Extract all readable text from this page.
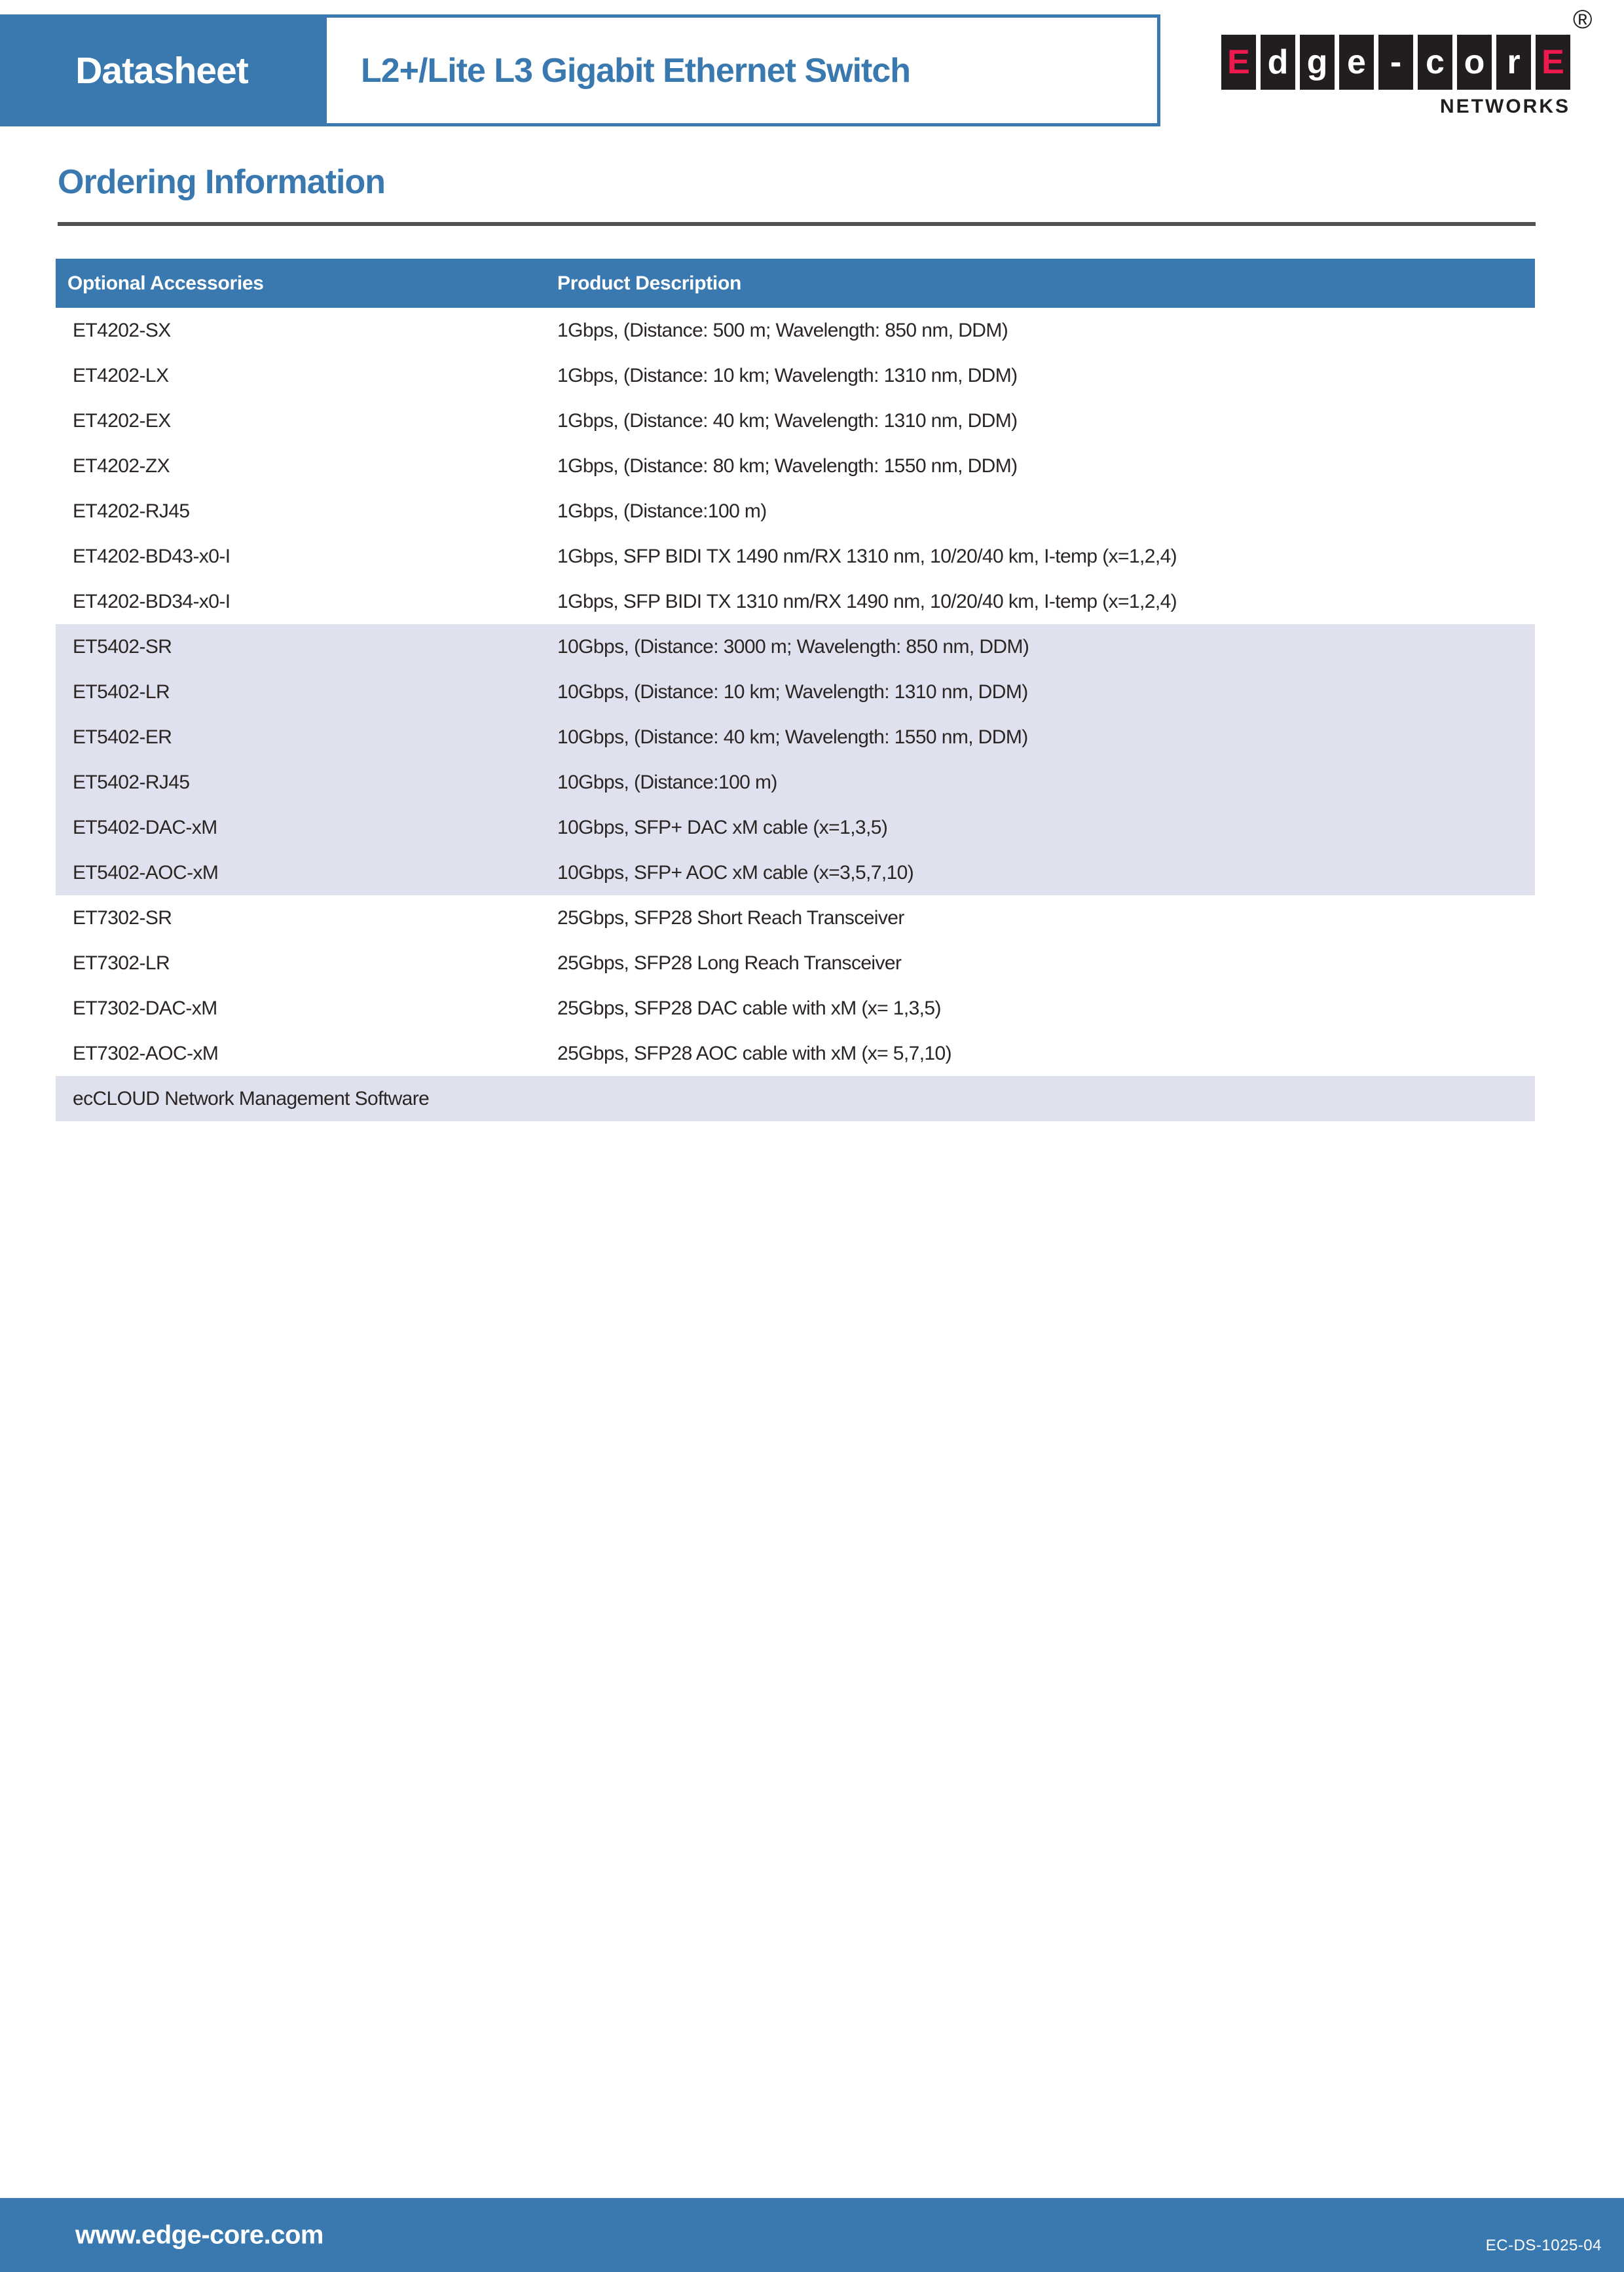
Datasheet	L2+/Lite L3 Gigabit Ethernet Switch	E d g e - c o r E
NETWORKS
®
Ordering Information
Optional Accessories	Product Description
ET4202-SX	1Gbps, (Distance: 500 m; Wavelength: 850 nm, DDM)
ET4202-LX	1Gbps, (Distance: 10 km; Wavelength: 1310 nm, DDM)
ET4202-EX	1Gbps, (Distance: 40 km; Wavelength: 1310 nm, DDM)
ET4202-ZX	1Gbps, (Distance: 80 km; Wavelength: 1550 nm, DDM)
ET4202-RJ45	1Gbps, (Distance:100 m)
ET4202-BD43-x0-I	1Gbps, SFP BIDI TX 1490 nm/RX 1310 nm, 10/20/40 km, I-temp (x=1,2,4)
ET4202-BD34-x0-I	1Gbps, SFP BIDI TX 1310 nm/RX 1490 nm, 10/20/40 km, I-temp (x=1,2,4)
ET5402-SR	10Gbps, (Distance: 3000 m; Wavelength: 850 nm, DDM)
ET5402-LR	10Gbps, (Distance: 10 km; Wavelength: 1310 nm, DDM)
ET5402-ER	10Gbps, (Distance: 40 km; Wavelength: 1550 nm, DDM)
ET5402-RJ45	10Gbps, (Distance:100 m)
ET5402-DAC-xM	10Gbps, SFP+ DAC xM cable (x=1,3,5)
ET5402-AOC-xM	10Gbps, SFP+ AOC xM cable (x=3,5,7,10)
ET7302-SR	25Gbps, SFP28 Short Reach Transceiver
ET7302-LR	25Gbps, SFP28 Long Reach Transceiver
ET7302-DAC-xM	25Gbps, SFP28 DAC cable with xM (x= 1,3,5)
ET7302-AOC-xM	25Gbps, SFP28 AOC cable with xM (x= 5,7,10)
ecCLOUD Network Management Software	
www.edge-core.com	EC-DS-1025-04
